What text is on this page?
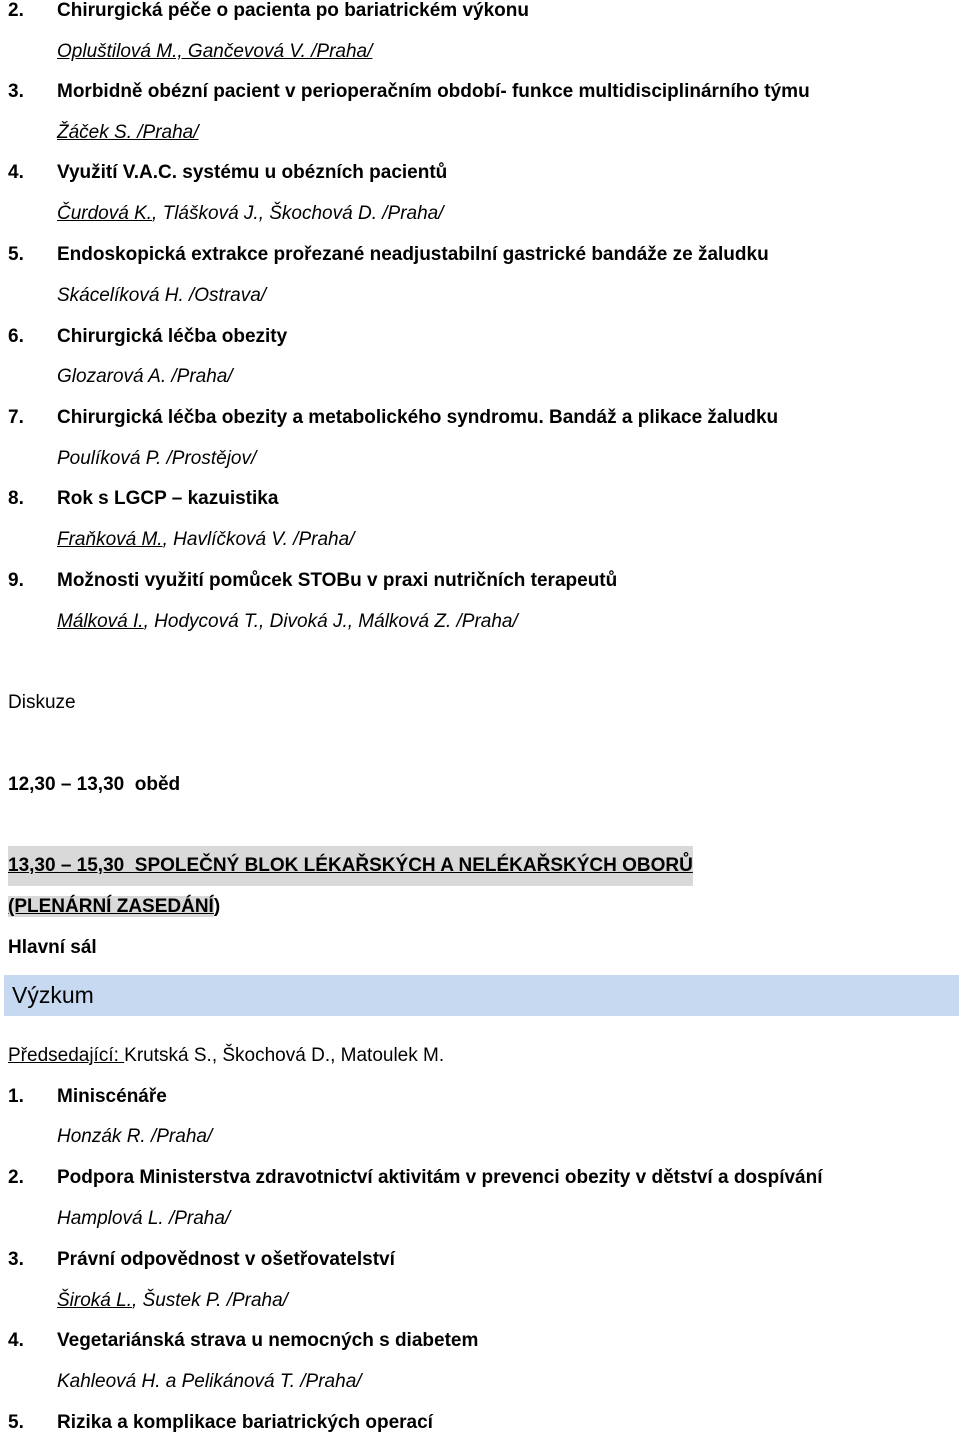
2. Chirurgická péče o pacienta po bariatrickém výkonu
Opluštilová M., Gančevová V. /Praha/
3. Morbidně obézní pacient v perioperačním období- funkce multidisciplinárního týmu
Žáček S. /Praha/
4. Využití V.A.C. systému u obézních pacientů
Čurdová K., Tlášková J., Škochová D. /Praha/
5. Endoskopická extrakce prořezané neadjustabilní gastrické bandáže ze žaludku
Skácelíková H. /Ostrava/
6. Chirurgická léčba obezity
Glozarová A. /Praha/
7. Chirurgická léčba obezity a metabolického syndromu. Bandáž a plikace žaludku
Poulíková P. /Prostějov/
8. Rok s LGCP – kazuistika
Fraňková M., Havlíčková V. /Praha/
9. Možnosti využití pomůcek STOBu v praxi nutričních terapeutů
Málková I., Hodycová T., Divoká J., Málková Z. /Praha/
Diskuze
12,30 – 13,30  oběd
13,30 – 15,30  SPOLEČNÝ BLOK LÉKAŘSKÝCH A NELÉKAŘSKÝCH OBORŮ
(PLENÁRNÍ ZASEDÁNÍ)
Hlavní sál
Výzkum
Předsedající: Krutská S., Škochová D., Matoulek M.
1. Miniscénáře
Honzák R. /Praha/
2. Podpora Ministerstva zdravotnictví aktivitám v prevenci obezity v dětství a dospívání
Hamplová L. /Praha/
3. Právní odpovědnost v ošetřovatelství
Široká L., Šustek P. /Praha/
4. Vegetariánská strava u nemocných s diabetem
Kahleová H. a Pelikánová T. /Praha/
5. Rizika a komplikace bariatrických operací
